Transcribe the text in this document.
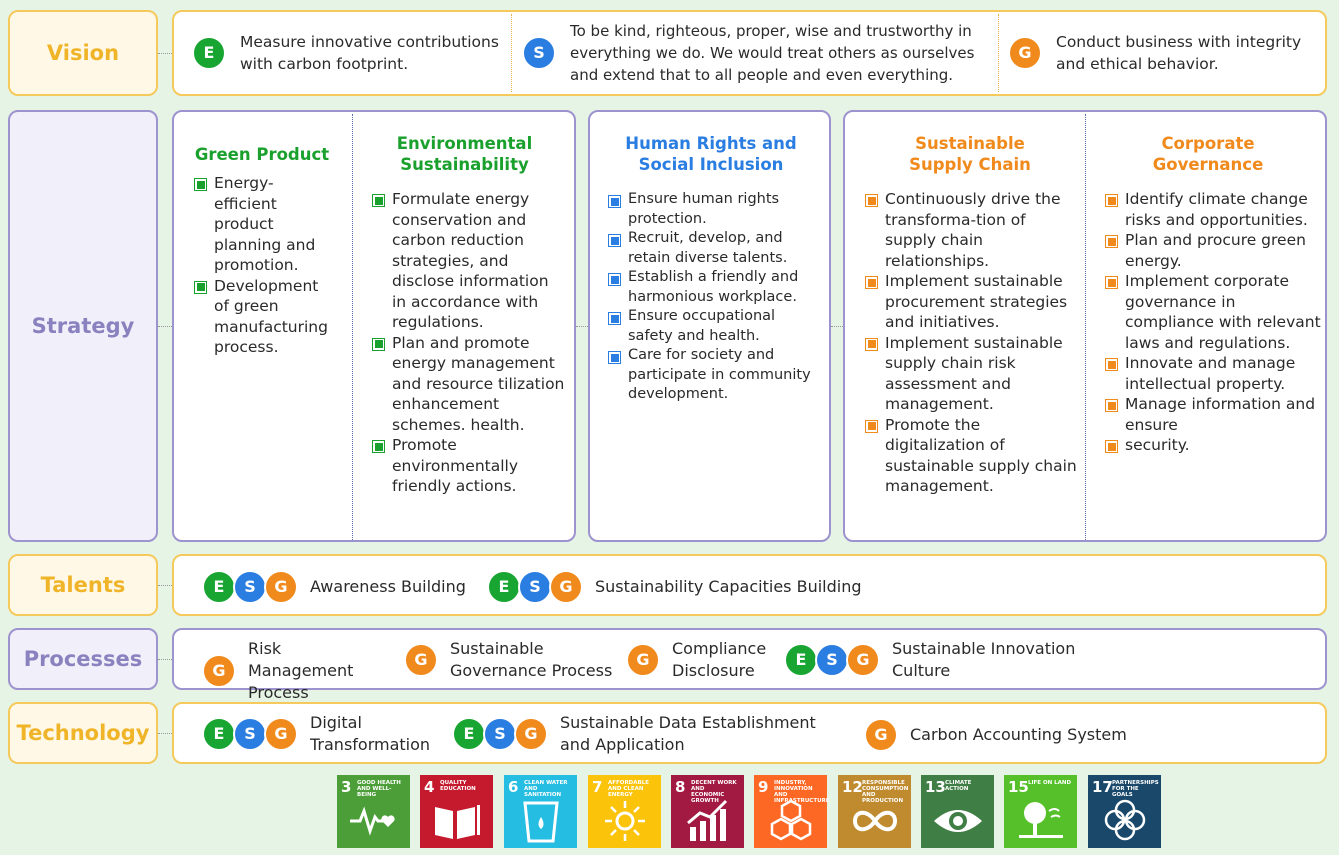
Vision
Strategy
Talents
Processes
Technology
E
Measure innovative contributions with carbon footprint.
S
To be kind, righteous, proper, wise and trustworthy in everything we do. We would treat others as ourselves and extend that to all people and even everything.
G
Conduct business with integrity and ethical behavior.
Green Product
Energy-efficient product planning and promotion.
Development of green manufacturing process.
Environmental Sustainability
Formulate energy conservation and carbon reduction strategies, and disclose information in accordance with regulations.
Plan and promote energy management and resource tilization enhancement schemes. health.
Promote environmentally friendly actions.
Human Rights and Social Inclusion
Ensure human rights protection.
Recruit, develop, and retain diverse talents.
Establish a friendly and harmonious workplace.
Ensure occupational safety and health.
Care for society and participate in community development.
Sustainable Supply Chain
Continuously drive the transforma-tion of supply chain relationships.
Implement sustainable procurement strategies and initiatives.
Implement sustainable supply chain risk assessment and management.
Promote the digitalization of sustainable supply chain management.
Corporate Governance
Identify climate change risks and opportunities.
Plan and procure green energy.
Implement corporate governance in compliance with relevant laws and regulations.
Innovate and manage intellectual property.
Manage information and ensure
security.
E S G Awareness Building E S G Sustainability Capacities Building
G
Risk Management Process
G
Sustainable Governance Process
G
Compliance Disclosure
E S G
Sustainable Innovation Culture
E S G
Digital Transformation
E S G
Sustainable Data Establishment and Application
G Carbon Accounting System
3 GOOD HEALTH AND WELL-BEING	4 QUALITY EDUCATION	6 CLEAN WATER AND SANITATION	7 AFFORDABLE AND CLEAN ENERGY	8 DECENT WORK AND ECONOMIC GROWTH
9 INDUSTRY, INNOVATION AND INFRASTRUCTURE
12 RESPONSIBLE CONSUMPTION AND PRODUCTION
13 CLIMATE ACTION	15 LIFE ON LAND 17 PARTNERSHIPS FOR THE GOALS
